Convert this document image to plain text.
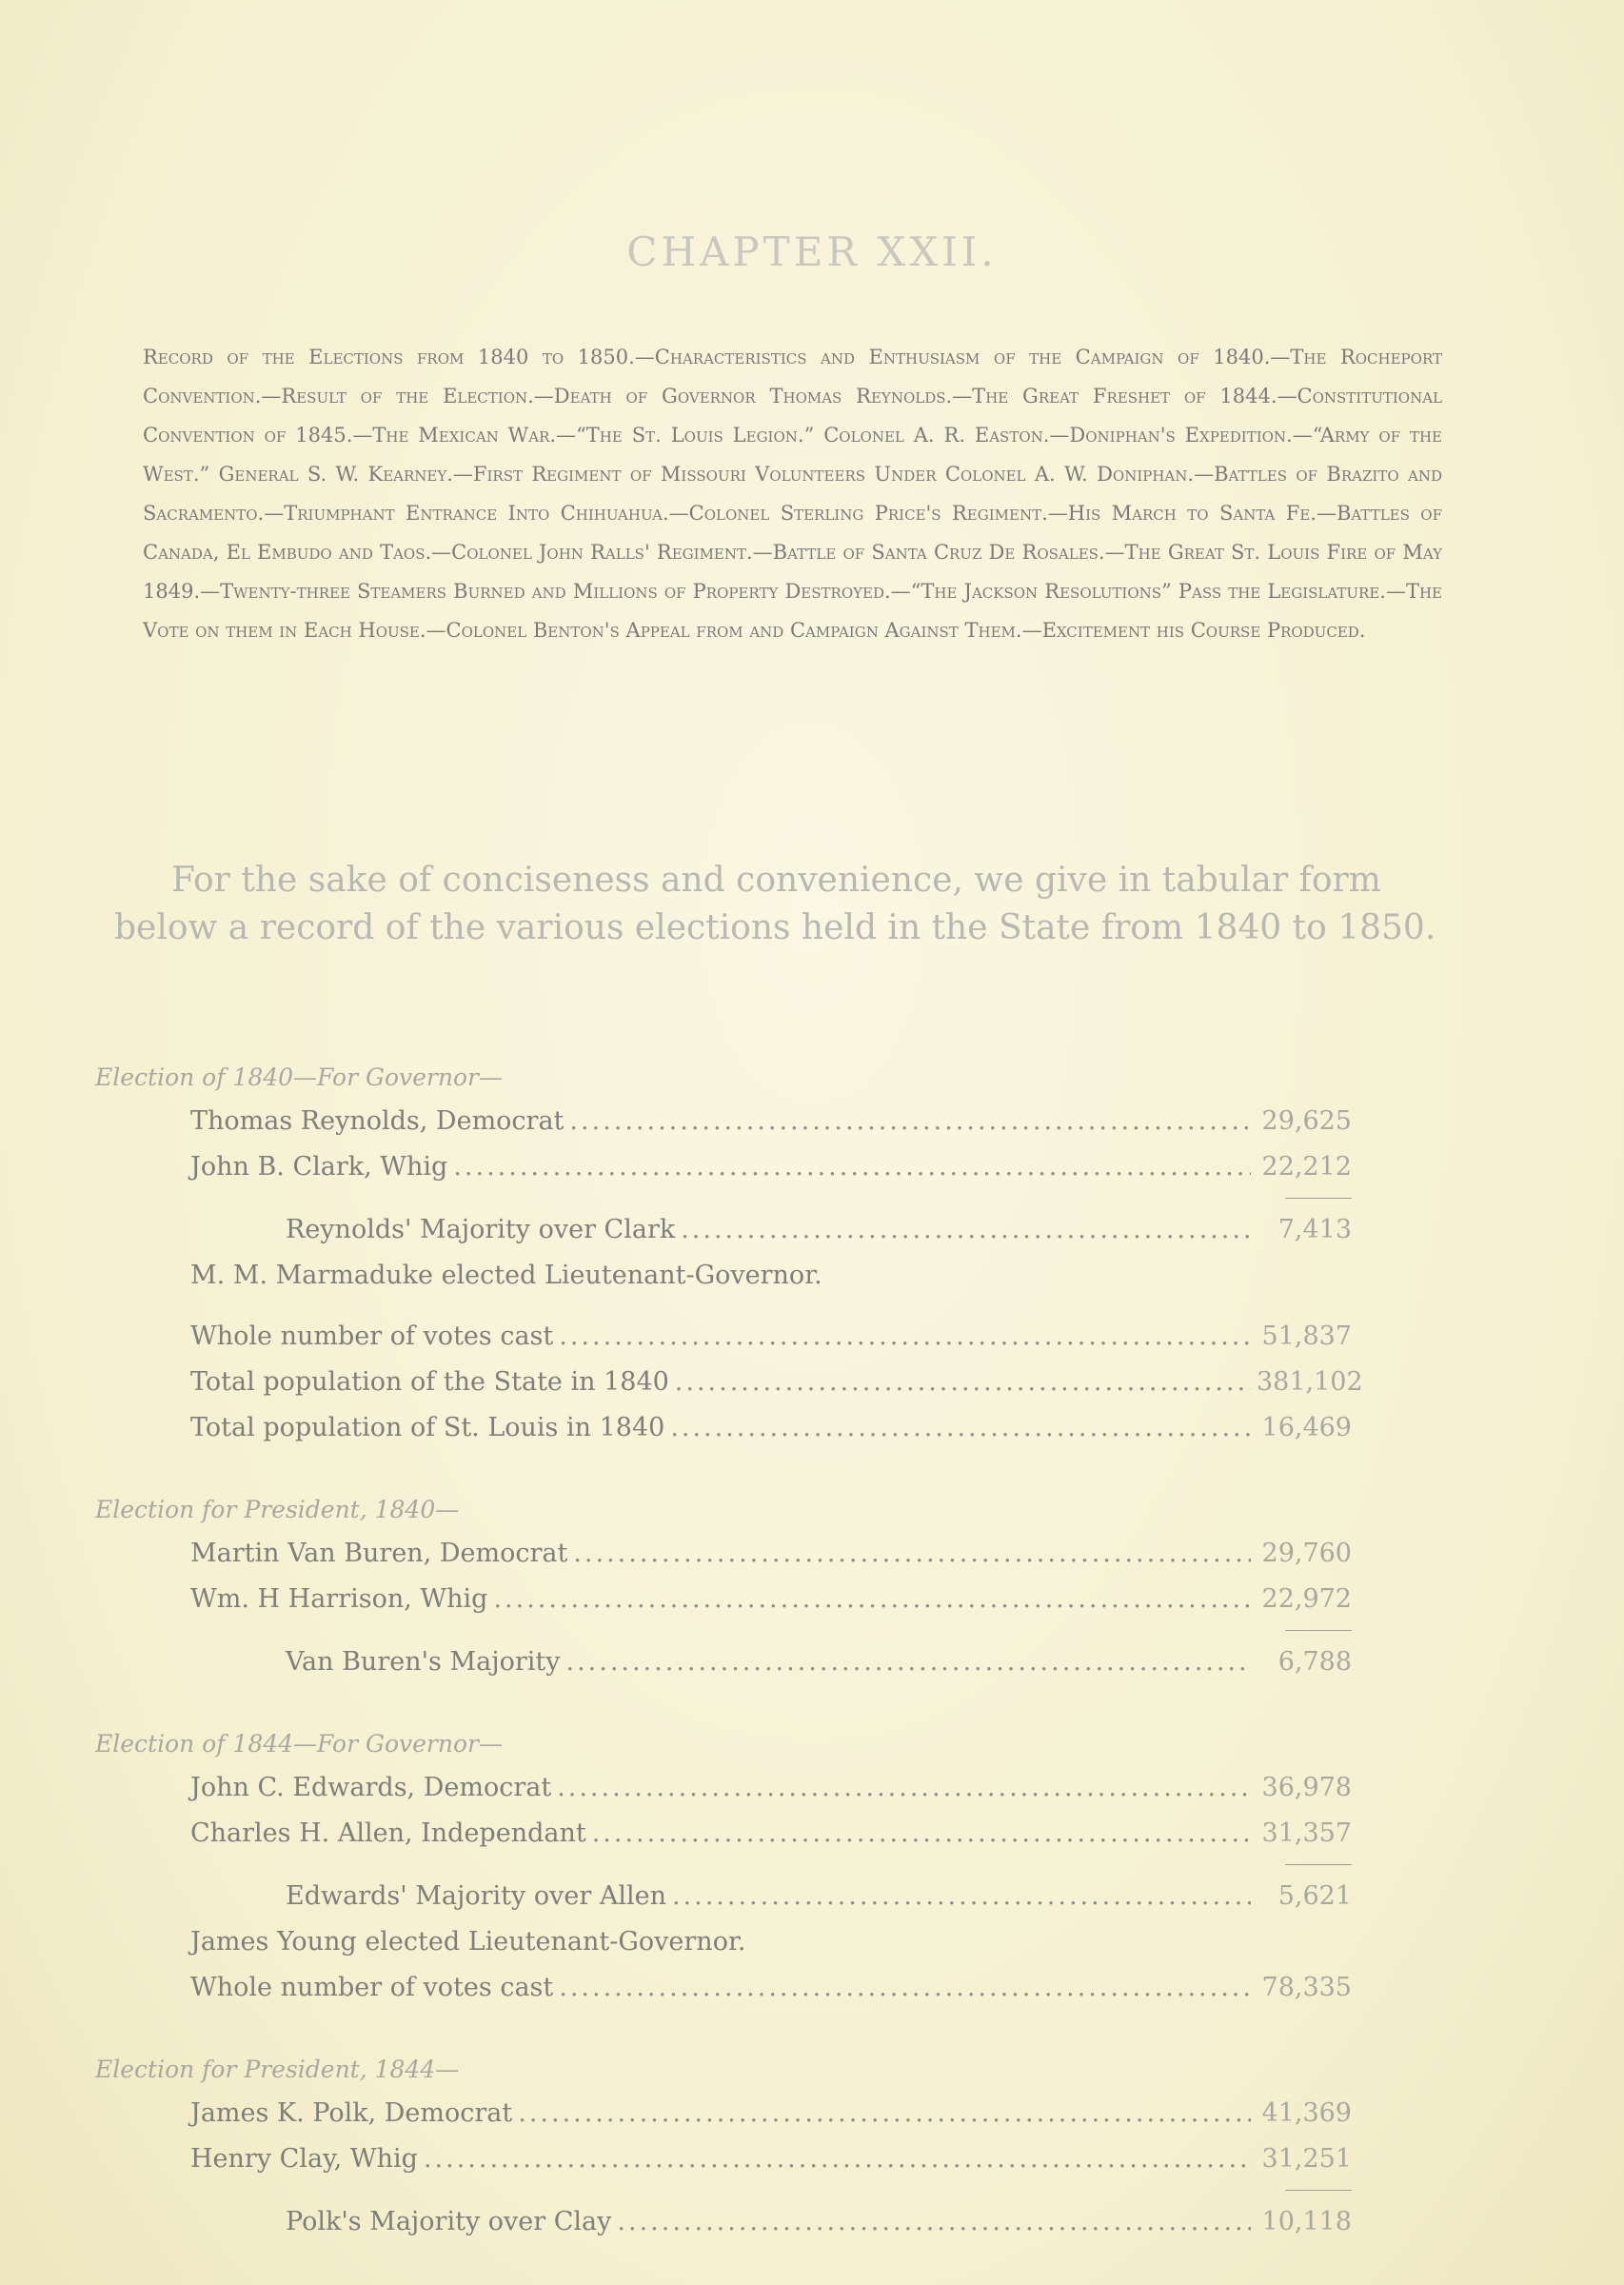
CHAPTER XXII.
Record of the Elections from 1840 to 1850.—Characteristics and Enthusiasm of the Campaign of 1840.—The Rocheport Convention.—Result of the Election.—Death of Governor Thomas Reynolds.—The Great Freshet of 1844.—Constitutional Convention of 1845.—The Mexican War.—“The St. Louis Legion.” Colonel A. R. Easton.—Doniphan's Expedition.—“Army of the West.” General S. W. Kearney.—First Regiment of Missouri Volunteers Under Colonel A. W. Doniphan.—Battles of Brazito and Sacramento.—Triumphant Entrance Into Chihuahua.—Colonel Sterling Price's Regiment.—His March to Santa Fe.—Battles of Canada, El Embudo and Taos.—Colonel John Ralls' Regiment.—Battle of Santa Cruz De Rosales.—The Great St. Louis Fire of May 1849.—Twenty-three Steamers Burned and Millions of Property Destroyed.—“The Jackson Resolutions” Pass the Legislature.—The Vote on them in Each House.—Colonel Benton's Appeal from and Campaign Against Them.—Excitement his Course Produced.
For the sake of conciseness and convenience, we give in tabular form below a record of the various elections held in the State from 1840 to 1850.
Election of 1840—For Governor—
Thomas Reynolds, Democrat .....	29,625
John B. Clark, Whig .....	22,212
Reynolds' Majority over Clark .....	7,413
M. M. Marmaduke elected Lieutenant-Governor.
Whole number of votes cast .....	51,837
Total population of the State in 1840 .....	381,102
Total population of St. Louis in 1840 .....	16,469
Election for President, 1840—
Martin Van Buren, Democrat .....	29,760
Wm. H Harrison, Whig .....	22,972
Van Buren's Majority .....	6,788
Election of 1844—For Governor—
John C. Edwards, Democrat .....	36,978
Charles H. Allen, Independant .....	31,357
Edwards' Majority over Allen .....	5,621
James Young elected Lieutenant-Governor.
Whole number of votes cast .....	78,335
Election for President, 1844—
James K. Polk, Democrat .....	41,369
Henry Clay, Whig .....	31,251
Polk's Majority over Clay .....	10,118
